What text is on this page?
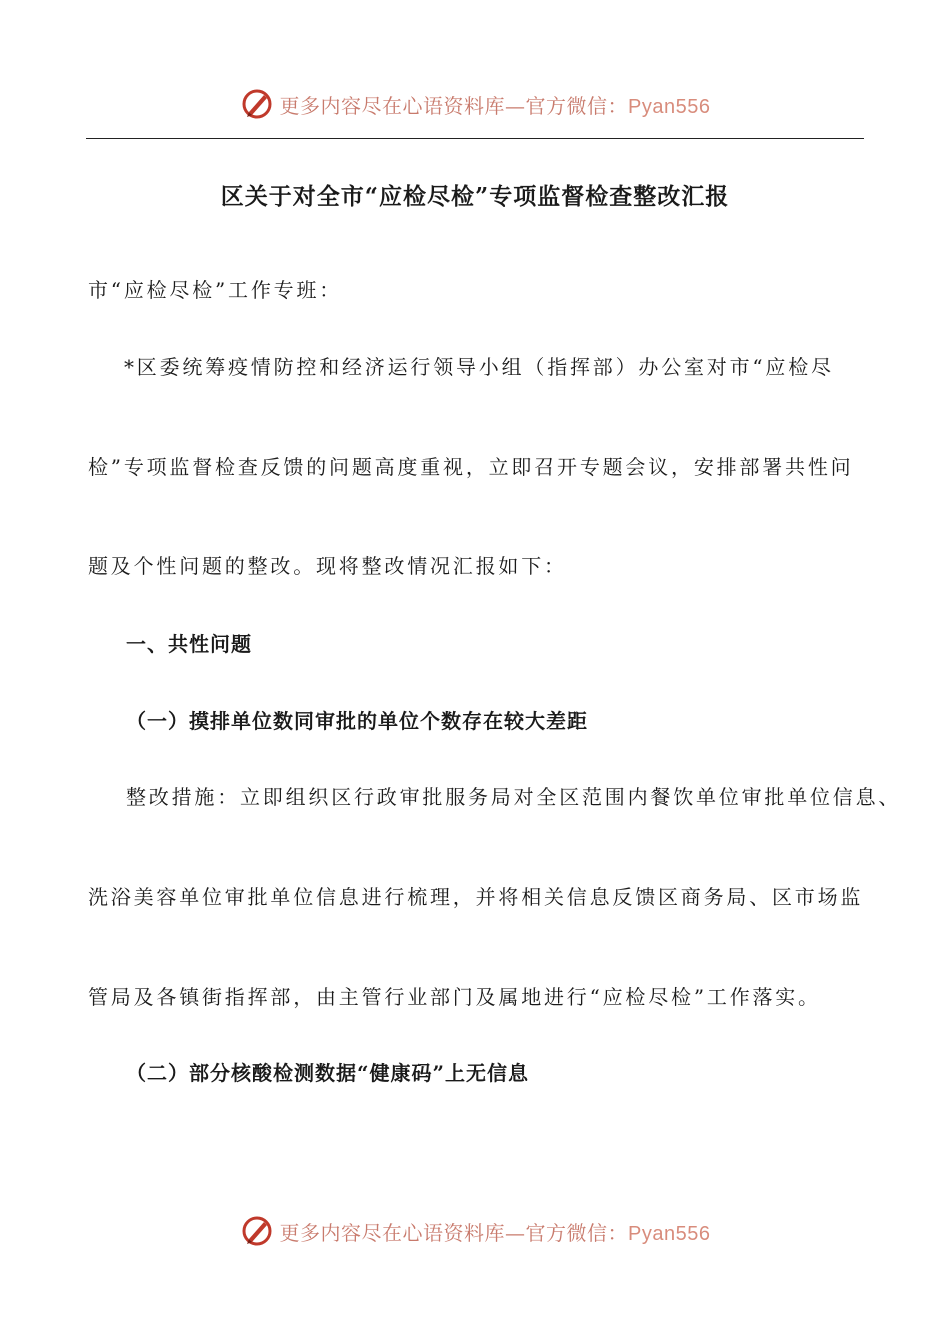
更多内容尽在心语资料库—官方微信：Pyan556
区关于对全市“应检尽检”专项监督检查整改汇报
市“应检尽检”工作专班：
*区委统筹疫情防控和经济运行领导小组（指挥部）办公室对市“应检尽
检”专项监督检查反馈的问题高度重视，立即召开专题会议，安排部署共性问
题及个性问题的整改。现将整改情况汇报如下：
一、共性问题
（一）摸排单位数同审批的单位个数存在较大差距
整改措施：立即组织区行政审批服务局对全区范围内餐饮单位审批单位信息、
洗浴美容单位审批单位信息进行梳理，并将相关信息反馈区商务局、区市场监
管局及各镇街指挥部，由主管行业部门及属地进行“应检尽检”工作落实。
（二）部分核酸检测数据“健康码”上无信息
更多内容尽在心语资料库—官方微信：Pyan556
